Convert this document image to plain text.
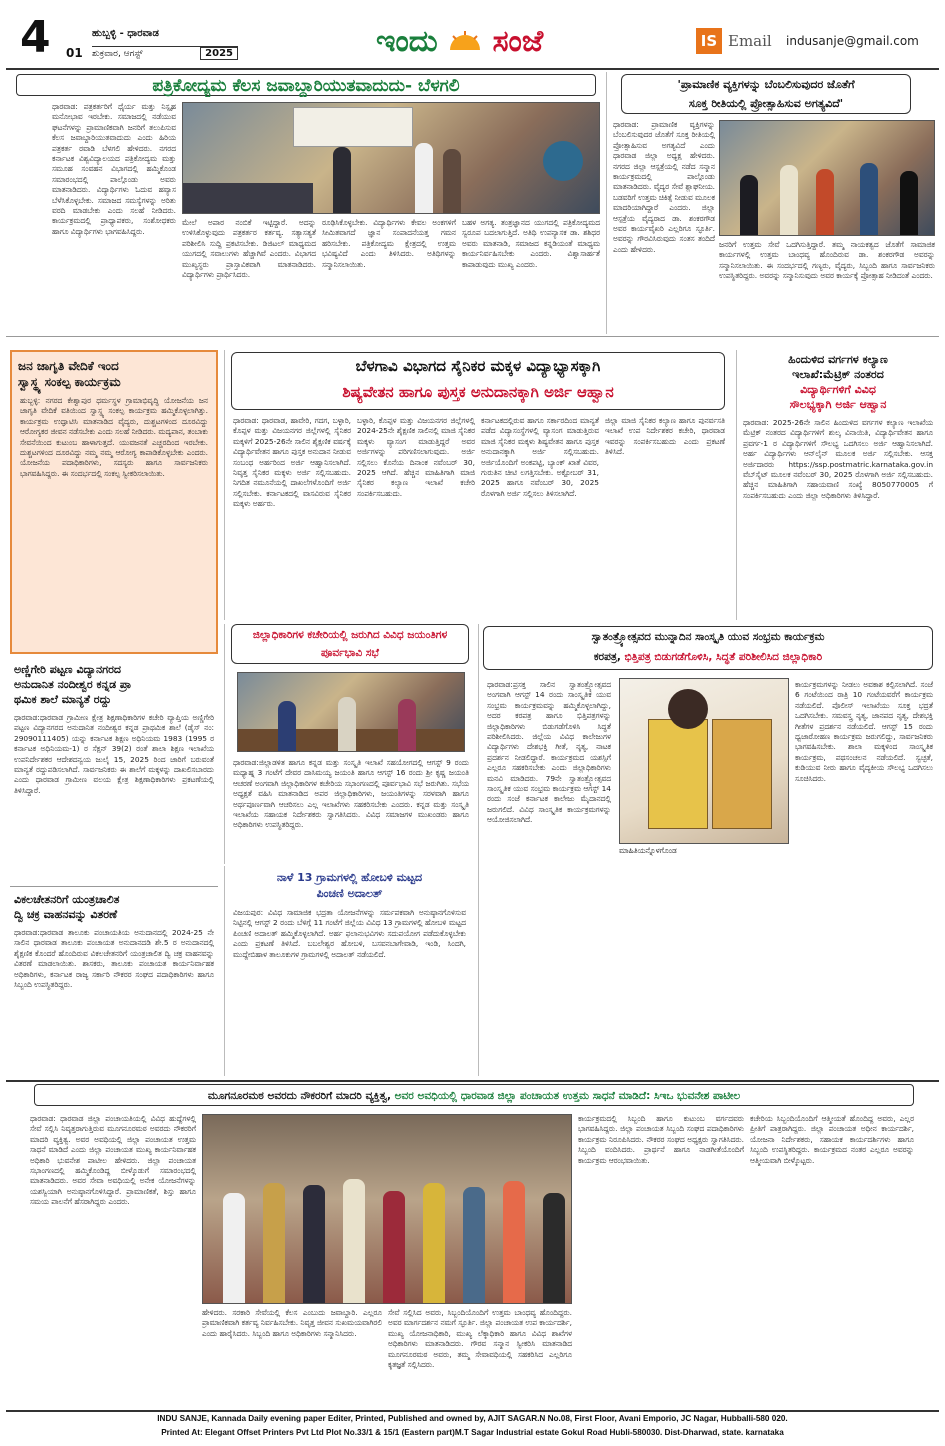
4 01
ಹುಬ್ಬಳ್ಳಿ - ಧಾರವಾಡ
ಶುಕ್ರವಾರ, ಆಗಸ್ಟ್	2025	ಇಂದು ಸಂಜೆ	IS Email indusanje@gmail.com
ಪತ್ರಿಕೋದ್ಯಮ ಕೆಲಸ ಜವಾಬ್ದಾರಿಯುತವಾದುದು- ಬೆಳಗಲಿ
ಧಾರವಾಡ: ಪತ್ರಕರ್ತರಿಗೆ ಧೈರ್ಯ ಮತ್ತು ನಿಸ್ಪೃಹ ಮನೋಭಾವ ಇರಬೇಕು. ಸಮಾಜದಲ್ಲಿ ನಡೆಯುವ ಘಟನೆಗಳನ್ನು ಪ್ರಾಮಾಣಿಕವಾಗಿ ಜನರಿಗೆ ತಲುಪಿಸುವ ಕೆಲಸ ಜವಾಬ್ದಾರಿಯುತವಾದುದು ಎಂದು ಹಿರಿಯ ಪತ್ರಕರ್ತ ರವಾಡಿ ಬೆಳಗಲಿ ಹೇಳಿದರು. ನಗರದ ಕರ್ನಾಟಕ ವಿಶ್ವವಿದ್ಯಾಲಯದ ಪತ್ರಿಕೋದ್ಯಮ ಮತ್ತು ಸಮೂಹ ಸಂವಹನ ವಿಭಾಗದಲ್ಲಿ ಹಮ್ಮಿಕೊಂಡ ಸಮಾರಂಭದಲ್ಲಿ ಪಾಲ್ಗೊಂಡು ಅವರು ಮಾತನಾಡಿದರು. ವಿದ್ಯಾರ್ಥಿಗಳು ಓದುವ ಹವ್ಯಾಸ ಬೆಳೆಸಿಕೊಳ್ಳಬೇಕು. ಸಮಾಜದ ಸಮಸ್ಯೆಗಳನ್ನು ಅರಿತು ವರದಿ ಮಾಡಬೇಕು ಎಂದು ಸಲಹೆ ನೀಡಿದರು. ಕಾರ್ಯಕ್ರಮದಲ್ಲಿ ಪ್ರಾಧ್ಯಾಪಕರು, ಸಂಶೋಧಕರು ಹಾಗೂ ವಿದ್ಯಾರ್ಥಿಗಳು ಭಾಗವಹಿಸಿದ್ದರು.
ಮೇಲೆ ಅಪಾರ ನಂಬಿಕೆ ಇಟ್ಟಿದ್ದಾರೆ. ಅದನ್ನು ಉಳಿಸಿಕೊಳ್ಳುವುದು ಪತ್ರಕರ್ತರ ಕರ್ತವ್ಯ. ಸತ್ಯಾಸತ್ಯತೆ ಪರಿಶೀಲಿಸಿ ಸುದ್ದಿ ಪ್ರಕಟಿಸಬೇಕು. ಡಿಜಿಟಲ್ ಮಾಧ್ಯಮದ ಯುಗದಲ್ಲಿ ಸವಾಲುಗಳು ಹೆಚ್ಚಾಗಿವೆ ಎಂದರು. ವಿಭಾಗದ ಮುಖ್ಯಸ್ಥರು ಪ್ರಾಸ್ತಾವಿಕವಾಗಿ ಮಾತನಾಡಿದರು. ವಿದ್ಯಾರ್ಥಿಗಳು ಪ್ರಾರ್ಥಿಸಿದರು.
ರೂಢಿಸಿಕೊಳ್ಳಬೇಕು. ವಿದ್ಯಾರ್ಥಿಗಳು ಕೇವಲ ಅಂಕಗಳಿಗೆ ಸೀಮಿತವಾಗದೆ ಜ್ಞಾನ ಸಂಪಾದನೆಯತ್ತ ಗಮನ ಹರಿಸಬೇಕು. ಪತ್ರಿಕೋದ್ಯಮ ಕ್ಷೇತ್ರದಲ್ಲಿ ಉತ್ತಮ ಭವಿಷ್ಯವಿದೆ ಎಂದು ತಿಳಿಸಿದರು. ಅತಿಥಿಗಳನ್ನು ಸನ್ಮಾನಿಸಲಾಯಿತು.
ಬಹಳ ಅಗತ್ಯ. ತಂತ್ರಜ್ಞಾನದ ಯುಗದಲ್ಲಿ ಪತ್ರಿಕೋದ್ಯಮದ ಸ್ವರೂಪ ಬದಲಾಗುತ್ತಿದೆ. ಅತಿಥಿ ಉಪನ್ಯಾಸಕ ಡಾ. ಶಶಿಧರ ಅವರು ಮಾತನಾಡಿ, ಸಮಾಜದ ಕನ್ನಡಿಯಂತೆ ಮಾಧ್ಯಮ ಕಾರ್ಯನಿರ್ವಹಿಸಬೇಕು ಎಂದರು. ವಿಶ್ವಾಸಾರ್ಹತೆ ಕಾಪಾಡುವುದು ಮುಖ್ಯ ಎಂದರು.
'ಪ್ರಾಮಾಣಿಕ ವ್ಯಕ್ತಿಗಳನ್ನು ಬೆಂಬಲಿಸುವುದರ ಜೊತೆಗೆ
ಸೂಕ್ತ ರೀತಿಯಲ್ಲಿ ಪ್ರೋತ್ಸಾಹಿಸುವ ಅಗತ್ಯವಿದೆ'
ಧಾರವಾಡ: ಪ್ರಾಮಾಣಿಕ ವ್ಯಕ್ತಿಗಳನ್ನು ಬೆಂಬಲಿಸುವುದರ ಜೊತೆಗೆ ಸೂಕ್ತ ರೀತಿಯಲ್ಲಿ ಪ್ರೋತ್ಸಾಹಿಸುವ ಅಗತ್ಯವಿದೆ ಎಂದು ಧಾರವಾಡ ಜಿಲ್ಲಾ ಅಧ್ಯಕ್ಷ ಹೇಳಿದರು. ನಗರದ ಜಿಲ್ಲಾ ಆಸ್ಪತ್ರೆಯಲ್ಲಿ ನಡೆದ ಸನ್ಮಾನ ಕಾರ್ಯಕ್ರಮದಲ್ಲಿ ಪಾಲ್ಗೊಂಡು ಮಾತನಾಡಿದರು. ವೈದ್ಯರ ಸೇವೆ ಶ್ಲಾಘನೀಯ. ಬಡವರಿಗೆ ಉತ್ತಮ ಚಿಕಿತ್ಸೆ ನೀಡುವ ಮೂಲಕ ಮಾದರಿಯಾಗಿದ್ದಾರೆ ಎಂದರು. ಜಿಲ್ಲಾ ಆಸ್ಪತ್ರೆಯ ವೈದ್ಯರಾದ ಡಾ. ಶಂಕರಗೌಡ ಅವರ ಕಾರ್ಯವೈಖರಿ ಎಲ್ಲರಿಗೂ ಸ್ಫೂರ್ತಿ. ಅವರನ್ನು ಗೌರವಿಸಿರುವುದು ಸಂತಸ ತಂದಿದೆ ಎಂದು ಹೇಳಿದರು.
ಜನರಿಗೆ ಉತ್ತಮ ಸೇವೆ ಒದಗಿಸುತ್ತಿದ್ದಾರೆ. ತಮ್ಮ ನಾಯಕತ್ವದ ಜೊತೆಗೆ ಸಾಮಾಜಿಕ ಕಾರ್ಯಗಳಲ್ಲಿ ಉತ್ತಮ ಬಾಂಧವ್ಯ ಹೊಂದಿರುವ ಡಾ. ಶಂಕರಗೌಡ ಅವರನ್ನು ಸನ್ಮಾನಿಸಲಾಯಿತು. ಈ ಸಂದರ್ಭದಲ್ಲಿ ಗಣ್ಯರು, ವೈದ್ಯರು, ಸಿಬ್ಬಂದಿ ಹಾಗೂ ಸಾರ್ವಜನಿಕರು ಉಪಸ್ಥಿತರಿದ್ದರು. ಅವರನ್ನು ಸನ್ಮಾನಿಸುವುದು ಅವರ ಕಾರ್ಯಕ್ಕೆ ಪ್ರೋತ್ಸಾಹ ನೀಡಿದಂತೆ ಎಂದರು.
ಜನ ಜಾಗೃತಿ ವೇದಿಕೆ ಇಂದ
ಸ್ವಾಸ್ಥ್ಯ ಸಂಕಲ್ಪ ಕಾರ್ಯಕ್ರಮ
ಹುಬ್ಬಳ್ಳಿ: ನಗರದ ಕೇಶ್ವಾಪುರ ಧರ್ಮಸ್ಥಳ ಗ್ರಾಮಾಭಿವೃದ್ಧಿ ಯೋಜನೆಯ ಜನ ಜಾಗೃತಿ ವೇದಿಕೆ ವತಿಯಿಂದ ಸ್ವಾಸ್ಥ್ಯ ಸಂಕಲ್ಪ ಕಾರ್ಯಕ್ರಮ ಹಮ್ಮಿಕೊಳ್ಳಲಾಗಿತ್ತು. ಕಾರ್ಯಕ್ರಮ ಉದ್ಘಾಟಿಸಿ ಮಾತನಾಡಿದ ವೈದ್ಯರು, ದುಶ್ಚಟಗಳಿಂದ ದೂರವಿದ್ದು ಆರೋಗ್ಯಕರ ಜೀವನ ನಡೆಸಬೇಕು ಎಂದು ಸಲಹೆ ನೀಡಿದರು. ಮದ್ಯಪಾನ, ತಂಬಾಕು ಸೇವನೆಯಿಂದ ಕುಟುಂಬ ಹಾಳಾಗುತ್ತದೆ. ಯುವಜನತೆ ಎಚ್ಚರದಿಂದ ಇರಬೇಕು. ದುಶ್ಚಟಗಳಿಂದ ದೂರವಿದ್ದು ನಮ್ಮ ನಮ್ಮ ಆರೋಗ್ಯ ಕಾಪಾಡಿಕೊಳ್ಳಬೇಕು ಎಂದರು. ಯೋಜನೆಯ ಪದಾಧಿಕಾರಿಗಳು, ಸದಸ್ಯರು ಹಾಗೂ ಸಾರ್ವಜನಿಕರು ಭಾಗವಹಿಸಿದ್ದರು. ಈ ಸಂದರ್ಭದಲ್ಲಿ ಸಂಕಲ್ಪ ಸ್ವೀಕರಿಸಲಾಯಿತು.
ಬೆಳಗಾವಿ ವಿಭಾಗದ ಸೈನಿಕರ ಮಕ್ಕಳ ವಿದ್ಯಾಭ್ಯಾಸಕ್ಕಾಗಿ
ಶಿಷ್ಯವೇತನ ಹಾಗೂ ಪುಸ್ತಕ ಅನುದಾನಕ್ಕಾಗಿ ಅರ್ಜಿ ಆಹ್ವಾನ
ಧಾರವಾಡ: ಧಾರವಾಡ, ಹಾವೇರಿ, ಗದಗ, ಬಳ್ಳಾರಿ, ಕೊಪ್ಪಳ ಮತ್ತು ವಿಜಯನಗರ ಜಿಲ್ಲೆಗಳಲ್ಲಿ ಸೈನಿಕರ ಮಕ್ಕಳಿಗೆ 2025-26ನೇ ಸಾಲಿನ ಶೈಕ್ಷಣಿಕ ವರ್ಷಕ್ಕೆ ವಿದ್ಯಾರ್ಥಿವೇತನ ಹಾಗೂ ಪುಸ್ತಕ ಅನುದಾನ ನೀಡುವ ಸಂಬಂಧ ಅರ್ಹರಿಂದ ಅರ್ಜಿ ಆಹ್ವಾನಿಸಲಾಗಿದೆ. ನಿವೃತ್ತ ಸೈನಿಕರ ಮಕ್ಕಳು ಅರ್ಜಿ ಸಲ್ಲಿಸಬಹುದು. ನಿಗದಿತ ನಮೂನೆಯಲ್ಲಿ ದಾಖಲೆಗಳೊಂದಿಗೆ ಅರ್ಜಿ ಸಲ್ಲಿಸಬೇಕು. ಕರ್ನಾಟಕದಲ್ಲಿ ವಾಸವಿರುವ ಸೈನಿಕರ ಮಕ್ಕಳು ಅರ್ಹರು.
ಬಳ್ಳಾರಿ, ಕೊಪ್ಪಳ ಮತ್ತು ವಿಜಯನಗರ ಜಿಲ್ಲೆಗಳಲ್ಲಿ 2024-25ನೇ ಶೈಕ್ಷಣಿಕ ಸಾಲಿನಲ್ಲಿ ಮಾಜಿ ಸೈನಿಕರ ಮಕ್ಕಳು ವ್ಯಾಸಂಗ ಮಾಡುತ್ತಿದ್ದರೆ ಅವರ ಅರ್ಜಿಗಳನ್ನು ಪರಿಗಣಿಸಲಾಗುವುದು. ಅರ್ಜಿ ಸಲ್ಲಿಸಲು ಕೊನೆಯ ದಿನಾಂಕ ನವೆಂಬರ್ 30, 2025 ಆಗಿದೆ. ಹೆಚ್ಚಿನ ಮಾಹಿತಿಗಾಗಿ ಮಾಜಿ ಸೈನಿಕರ ಕಲ್ಯಾಣ ಇಲಾಖೆ ಕಚೇರಿ ಸಂಪರ್ಕಿಸಬಹುದು.
ಕರ್ನಾಟಕದಲ್ಲಿರುವ ಹಾಗೂ ಸರ್ಕಾರದಿಂದ ಮಾನ್ಯತೆ ಪಡೆದ ವಿದ್ಯಾಸಂಸ್ಥೆಗಳಲ್ಲಿ ವ್ಯಾಸಂಗ ಮಾಡುತ್ತಿರುವ ಮಾಜಿ ಸೈನಿಕರ ಮಕ್ಕಳು ಶಿಷ್ಯವೇತನ ಹಾಗೂ ಪುಸ್ತಕ ಅನುದಾನಕ್ಕಾಗಿ ಅರ್ಜಿ ಸಲ್ಲಿಸಬಹುದು. ಅರ್ಜಿಯೊಂದಿಗೆ ಅಂಕಪಟ್ಟಿ, ಬ್ಯಾಂಕ್ ಖಾತೆ ವಿವರ, ಗುರುತಿನ ಚೀಟಿ ಲಗತ್ತಿಸಬೇಕು. ಅಕ್ಟೋಬರ್ 31, 2025 ಹಾಗೂ ನವೆಂಬರ್ 30, 2025 ರೊಳಗಾಗಿ ಅರ್ಜಿ ಸಲ್ಲಿಸಲು ತಿಳಿಸಲಾಗಿದೆ.
ಜಿಲ್ಲಾ ಮಾಜಿ ಸೈನಿಕರ ಕಲ್ಯಾಣ ಹಾಗೂ ಪುನರ್ವಸತಿ ಇಲಾಖೆ ಉಪ ನಿರ್ದೇಶಕರ ಕಚೇರಿ, ಧಾರವಾಡ ಇವರನ್ನು ಸಂಪರ್ಕಿಸಬಹುದು ಎಂದು ಪ್ರಕಟಣೆ ತಿಳಿಸಿದೆ.
ಹಿಂದುಳಿದ ವರ್ಗಗಳ ಕಲ್ಯಾಣ
ಇಲಾಖೆ:ಮೆಟ್ರಿಕ್ ನಂತರದ
ವಿದ್ಯಾರ್ಥಿಗಳಿಗೆ ವಿವಿಧ
ಸೌಲಭ್ಯಕ್ಕಾಗಿ ಅರ್ಜಿ ಆಹ್ವಾನ
ಧಾರವಾಡ: 2025-26ನೇ ಸಾಲಿನ ಹಿಂದುಳಿದ ವರ್ಗಗಳ ಕಲ್ಯಾಣ ಇಲಾಖೆಯ ಮೆಟ್ರಿಕ್ ನಂತರದ ವಿದ್ಯಾರ್ಥಿಗಳಿಗೆ ಶುಲ್ಕ ವಿನಾಯಿತಿ, ವಿದ್ಯಾರ್ಥಿವೇತನ ಹಾಗೂ ಪ್ರವರ್ಗ-1 ರ ವಿದ್ಯಾರ್ಥಿಗಳಿಗೆ ಸೌಲಭ್ಯ ಒದಗಿಸಲು ಅರ್ಜಿ ಆಹ್ವಾನಿಸಲಾಗಿದೆ. ಅರ್ಹ ವಿದ್ಯಾರ್ಥಿಗಳು ಆನ್‌ಲೈನ್ ಮೂಲಕ ಅರ್ಜಿ ಸಲ್ಲಿಸಬೇಕು. ಆಸಕ್ತ ಅರ್ಜಿದಾರರು https://ssp.postmatric.karnataka.gov.in ವೆಬ್‌ಸೈಟ್ ಮೂಲಕ ನವೆಂಬರ್ 30, 2025 ರೊಳಗಾಗಿ ಅರ್ಜಿ ಸಲ್ಲಿಸಬಹುದು. ಹೆಚ್ಚಿನ ಮಾಹಿತಿಗಾಗಿ ಸಹಾಯವಾಣಿ ಸಂಖ್ಯೆ 8050770005 ಗೆ ಸಂಪರ್ಕಿಸಬಹುದು ಎಂದು ಜಿಲ್ಲಾ ಅಧಿಕಾರಿಗಳು ತಿಳಿಸಿದ್ದಾರೆ.
ಜಿಲ್ಲಾಧಿಕಾರಿಗಳ ಕಚೇರಿಯಲ್ಲಿ ಜರುಗಿದ ವಿವಿಧ ಜಯಂತಿಗಳ ಪೂರ್ವಭಾವಿ ಸಭೆ
ಧಾರವಾಡ:ಜಿಲ್ಲಾಡಳಿತ ಹಾಗೂ ಕನ್ನಡ ಮತ್ತು ಸಂಸ್ಕೃತಿ ಇಲಾಖೆ ಸಹಯೋಗದಲ್ಲಿ ಆಗಸ್ಟ್ 9 ರಂದು ಮಧ್ಯಾಹ್ನ 3 ಗಂಟೆಗೆ ದೇವರ ದಾಸಿಮಯ್ಯ ಜಯಂತಿ ಹಾಗೂ ಆಗಸ್ಟ್ 16 ರಂದು ಶ್ರೀ ಕೃಷ್ಣ ಜಯಂತಿ ಆಚರಣೆ ಅಂಗವಾಗಿ ಜಿಲ್ಲಾಧಿಕಾರಿಗಳ ಕಚೇರಿಯ ಸಭಾಂಗಣದಲ್ಲಿ ಪೂರ್ವಭಾವಿ ಸಭೆ ಜರುಗಿತು. ಸಭೆಯ ಅಧ್ಯಕ್ಷತೆ ವಹಿಸಿ ಮಾತನಾಡಿದ ಅಪರ ಜಿಲ್ಲಾಧಿಕಾರಿಗಳು, ಜಯಂತಿಗಳನ್ನು ಸರಳವಾಗಿ ಹಾಗೂ ಅರ್ಥಪೂರ್ಣವಾಗಿ ಆಚರಿಸಲು ಎಲ್ಲ ಇಲಾಖೆಗಳು ಸಹಕರಿಸಬೇಕು ಎಂದರು. ಕನ್ನಡ ಮತ್ತು ಸಂಸ್ಕೃತಿ ಇಲಾಖೆಯ ಸಹಾಯಕ ನಿರ್ದೇಶಕರು ಸ್ವಾಗತಿಸಿದರು. ವಿವಿಧ ಸಮಾಜಗಳ ಮುಖಂಡರು ಹಾಗೂ ಅಧಿಕಾರಿಗಳು ಉಪಸ್ಥಿತರಿದ್ದರು.
ನಾಳೆ 13 ಗ್ರಾಮಗಳಲ್ಲಿ ಹೋಬಳಿ ಮಟ್ಟದ
ಪಿಂಚಣಿ ಅದಾಲತ್
ವಿಜಯಪುರ: ವಿವಿಧ ಸಾಮಾಜಿಕ ಭದ್ರತಾ ಯೋಜನೆಗಳನ್ನು ಸರ್ಮಪಕವಾಗಿ ಅನುಷ್ಠಾನಗೊಳಿಸುವ ನಿಟ್ಟಿನಲ್ಲಿ ಆಗಸ್ಟ್ 2 ರಂದು ಬೆಳಿಗ್ಗೆ 11 ಗಂಟೆಗೆ ಜಿಲ್ಲೆಯ ವಿವಿಧ 13 ಗ್ರಾಮಗಳಲ್ಲಿ ಹೋಬಳಿ ಮಟ್ಟದ ಪಿಂಚಣಿ ಅದಾಲತ್ ಹಮ್ಮಿಕೊಳ್ಳಲಾಗಿದೆ. ಅರ್ಹ ಫಲಾನುಭವಿಗಳು ಸದುಪಯೋಗ ಪಡೆದುಕೊಳ್ಳಬೇಕು ಎಂದು ಪ್ರಕಟಣೆ ತಿಳಿಸಿದೆ. ಬಬಲೇಶ್ವರ ಹೋಬಳಿ, ಬಸವನಬಾಗೇವಾಡಿ, ಇಂಡಿ, ಸಿಂದಗಿ, ಮುದ್ದೇಬಿಹಾಳ ತಾಲೂಕುಗಳ ಗ್ರಾಮಗಳಲ್ಲಿ ಅದಾಲತ್ ನಡೆಯಲಿದೆ.
ಅಣ್ಣಿಗೇರಿ ಪಟ್ಟಣ ವಿದ್ಯಾನಗರದ
ಅನುದಾನಿತ ನಂದೀಶ್ವರ ಕನ್ನಡ ಪ್ರಾ
ಥಮಿಕ ಶಾಲೆ ಮಾನ್ಯತೆ ರದ್ದು
ಧಾರವಾಡ:ಧಾರವಾಡ ಗ್ರಾಮೀಣ ಕ್ಷೇತ್ರ ಶಿಕ್ಷಣಾಧಿಕಾರಿಗಳ ಕಚೇರಿ ವ್ಯಾಪ್ತಿಯ ಅಣ್ಣಿಗೇರಿ ಪಟ್ಟಣ ವಿದ್ಯಾನಗರದ ಅನುದಾನಿತ ನಂದೀಶ್ವರ ಕನ್ನಡ ಪ್ರಾಥಮಿಕ ಶಾಲೆ (ಡೈಸ್ ನಂ: 29090111405) ಯನ್ನು ಕರ್ನಾಟಕ ಶಿಕ್ಷಣ ಅಧಿನಿಯಮ 1983 (1995 ರ ಕರ್ನಾಟಕ ಅಧಿನಿಯಮ-1) ರ ಸೆಕ್ಷನ್ 39(2) ರಂತೆ ಶಾಲಾ ಶಿಕ್ಷಣ ಇಲಾಖೆಯ ಉಪನಿರ್ದೇಶಕರ ಆದೇಶದನ್ವಯ ಜುಲೈ 15, 2025 ರಿಂದ ಜಾರಿಗೆ ಬರುವಂತೆ ಮಾನ್ಯತೆ ರದ್ದುಪಡಿಸಲಾಗಿದೆ. ಸಾರ್ವಜನಿಕರು ಈ ಶಾಲೆಗೆ ಮಕ್ಕಳನ್ನು ದಾಖಲಿಸಬಾರದು ಎಂದು ಧಾರವಾಡ ಗ್ರಾಮೀಣ ವಲಯ ಕ್ಷೇತ್ರ ಶಿಕ್ಷಣಾಧಿಕಾರಿಗಳು ಪ್ರಕಟಣೆಯಲ್ಲಿ ತಿಳಿಸಿದ್ದಾರೆ.
ವಿಕಲಚೇತನರಿಗೆ ಯಂತ್ರಚಾಲಿತ
ದ್ವಿ ಚಕ್ರ ವಾಹನವನ್ನು ವಿತರಣೆ
ಧಾರವಾಡ:ಧಾರವಾಡ ತಾಲೂಕು ಪಂಚಾಯತಿಯ ಅನುದಾನದಲ್ಲಿ 2024-25 ನೇ ಸಾಲಿನ ಧಾರವಾಡ ತಾಲೂಕು ಪಂಚಾಯತ ಅನುದಾನದಡಿ ಶೇ.5 ರ ಅನುದಾನದಲ್ಲಿ ಶೈಕ್ಷಣಿಕ ಕೊಂದರೆ ಹೊಂದಿರುವ ವಿಕಲಚೇತನರಿಗೆ ಯಂತ್ರಚಾಲಿತ ದ್ವಿ ಚಕ್ರ ವಾಹನವನ್ನು ವಿತರಣೆ ಮಾಡಲಾಯಿತು. ಶಾಸಕರು, ತಾಲೂಕು ಪಂಚಾಯತ ಕಾರ್ಯನಿರ್ವಾಹಕ ಅಧಿಕಾರಿಗಳು, ಕರ್ನಾಟಕ ರಾಜ್ಯ ಸರ್ಕಾರಿ ನೌಕರರ ಸಂಘದ ಪದಾಧಿಕಾರಿಗಳು ಹಾಗೂ ಸಿಬ್ಬಂದಿ ಉಪಸ್ಥಿತರಿದ್ದರು.
ಸ್ವಾತಂತ್ರ್ಯೋತ್ಸವದ ಮುನ್ನಾದಿನ ಸಾಂಸ್ಕೃತಿ ಯುವ ಸಂಭ್ರಮ ಕಾರ್ಯಕ್ರಮ
ಕರಪತ್ರ, ಭಿತ್ತಿಪತ್ರ ಬಿಡುಗಡೆಗೊಳಿಸಿ, ಸಿದ್ಧತೆ ಪರಿಶೀಲಿಸಿದ ಜಿಲ್ಲಾಧಿಕಾರಿ
ಧಾರವಾಡ:ಪ್ರಸಕ್ತ ಸಾಲಿನ ಸ್ವಾತಂತ್ರ್ಯೋತ್ಸವದ ಅಂಗವಾಗಿ ಆಗಸ್ಟ್ 14 ರಂದು ಸಾಂಸ್ಕೃತಿಕ ಯುವ ಸಂಭ್ರಮ ಕಾರ್ಯಕ್ರಮವನ್ನು ಹಮ್ಮಿಕೊಳ್ಳಲಾಗಿದ್ದು, ಅದರ ಕರಪತ್ರ ಹಾಗೂ ಭಿತ್ತಿಪತ್ರಗಳನ್ನು ಜಿಲ್ಲಾಧಿಕಾರಿಗಳು ಬಿಡುಗಡೆಗೊಳಿಸಿ ಸಿದ್ಧತೆ ಪರಿಶೀಲಿಸಿದರು. ಜಿಲ್ಲೆಯ ವಿವಿಧ ಕಾಲೇಜುಗಳ ವಿದ್ಯಾರ್ಥಿಗಳು ದೇಶಭಕ್ತಿ ಗೀತೆ, ನೃತ್ಯ, ನಾಟಕ ಪ್ರದರ್ಶನ ನೀಡಲಿದ್ದಾರೆ. ಕಾರ್ಯಕ್ರಮದ ಯಶಸ್ಸಿಗೆ ಎಲ್ಲರೂ ಸಹಕರಿಸಬೇಕು ಎಂದು ಜಿಲ್ಲಾಧಿಕಾರಿಗಳು ಮನವಿ ಮಾಡಿದರು. 79ನೇ ಸ್ವಾತಂತ್ರ್ಯೋತ್ಸವದ ಸಾಂಸ್ಕೃತಿಕ ಯುವ ಸಂಭ್ರಮ ಕಾರ್ಯಕ್ರಮ ಆಗಸ್ಟ್ 14 ರಂದು ಸಂಜೆ ಕರ್ನಾಟಕ ಕಾಲೇಜು ಮೈದಾನದಲ್ಲಿ ಜರುಗಲಿದೆ. ವಿವಿಧ ಸಾಂಸ್ಕೃತಿಕ ಕಾರ್ಯಕ್ರಮಗಳನ್ನು ಆಯೋಜಿಸಲಾಗಿದೆ.
ಮಾಹಿತಿಯನ್ನೊಳಗೊಂಡ
ಕಾರ್ಯಕ್ರಮಗಳನ್ನು ನೀಡಲು ಅವಕಾಶ ಕಲ್ಪಿಸಲಾಗಿದೆ. ಸಂಜೆ 6 ಗಂಟೆಯಿಂದ ರಾತ್ರಿ 10 ಗಂಟೆಯವರೆಗೆ ಕಾರ್ಯಕ್ರಮ ನಡೆಯಲಿದೆ. ಪೊಲೀಸ್ ಇಲಾಖೆಯು ಸೂಕ್ತ ಭದ್ರತೆ ಒದಗಿಸಬೇಕು. ಸಮವಸ್ತ್ರ ನೃತ್ಯ, ಜಾನಪದ ನೃತ್ಯ, ದೇಶಭಕ್ತಿ ಗೀತೆಗಳ ಪ್ರದರ್ಶನ ನಡೆಯಲಿದೆ. ಆಗಸ್ಟ್ 15 ರಂದು ಧ್ವಜಾರೋಹಣ ಕಾರ್ಯಕ್ರಮ ಜರುಗಲಿದ್ದು, ಸಾರ್ವಜನಿಕರು ಭಾಗವಹಿಸಬೇಕು. ಶಾಲಾ ಮಕ್ಕಳಿಂದ ಸಾಂಸ್ಕೃತಿಕ ಕಾರ್ಯಕ್ರಮ, ಪಥಸಂಚಲನ ನಡೆಯಲಿದೆ. ಸ್ವಚ್ಛತೆ, ಕುಡಿಯುವ ನೀರು ಹಾಗೂ ವೈದ್ಯಕೀಯ ಸೌಲಭ್ಯ ಒದಗಿಸಲು ಸೂಚಿಸಿದರು.
ಮೂಗನೂರಮಠ ಅವರದು ನೌಕರರಿಗೆ ಮಾದರಿ ವ್ಯಕ್ತಿತ್ವ, ಅವರ ಅವಧಿಯಲ್ಲಿ ಧಾರವಾಡ ಜಿಲ್ಲಾ ಪಂಚಾಯತ ಉತ್ತಮ ಸಾಧನೆ ಮಾಡಿದೆ: ಸಿಇಒ ಭುವನೇಶ ಪಾಟೀಲ
ಧಾರವಾಡ: ಧಾರವಾಡ ಜಿಲ್ಲಾ ಪಂಚಾಯತಿಯಲ್ಲಿ ವಿವಿಧ ಹುದ್ದೆಗಳಲ್ಲಿ ಸೇವೆ ಸಲ್ಲಿಸಿ ನಿವೃತ್ತರಾಗುತ್ತಿರುವ ಮೂಗನೂರಮಠ ಅವರದು ನೌಕರರಿಗೆ ಮಾದರಿ ವ್ಯಕ್ತಿತ್ವ. ಅವರ ಅವಧಿಯಲ್ಲಿ ಜಿಲ್ಲಾ ಪಂಚಾಯತ ಉತ್ತಮ ಸಾಧನೆ ಮಾಡಿದೆ ಎಂದು ಜಿಲ್ಲಾ ಪಂಚಾಯತ ಮುಖ್ಯ ಕಾರ್ಯನಿರ್ವಾಹಕ ಅಧಿಕಾರಿ ಭುವನೇಶ ಪಾಟೀಲ ಹೇಳಿದರು. ಜಿಲ್ಲಾ ಪಂಚಾಯತ ಸಭಾಂಗಣದಲ್ಲಿ ಹಮ್ಮಿಕೊಂಡಿದ್ದ ಬೀಳ್ಕೊಡುಗೆ ಸಮಾರಂಭದಲ್ಲಿ ಮಾತನಾಡಿದರು. ಅವರ ಸೇವಾ ಅವಧಿಯಲ್ಲಿ ಅನೇಕ ಯೋಜನೆಗಳನ್ನು ಯಶಸ್ವಿಯಾಗಿ ಅನುಷ್ಠಾನಗೊಳಿಸಿದ್ದಾರೆ. ಪ್ರಾಮಾಣಿಕತೆ, ಶಿಸ್ತು ಹಾಗೂ ಸಮಯ ಪಾಲನೆಗೆ ಹೆಸರಾಗಿದ್ದರು ಎಂದರು.
ಹೇಳಿದರು. ಸರಕಾರಿ ಸೇವೆಯಲ್ಲಿ ಕೆಲಸ ಎಂಬುದು ಜವಾಬ್ದಾರಿ. ಎಲ್ಲರೂ ಪ್ರಾಮಾಣಿಕವಾಗಿ ಕರ್ತವ್ಯ ನಿರ್ವಹಿಸಬೇಕು. ನಿವೃತ್ತ ಜೀವನ ಸುಖಮಯವಾಗಿರಲಿ ಎಂದು ಹಾರೈಸಿದರು. ಸಿಬ್ಬಂದಿ ಹಾಗೂ ಅಧಿಕಾರಿಗಳು ಸನ್ಮಾನಿಸಿದರು.
ಸೇವೆ ಸಲ್ಲಿಸಿದ ಅವರು, ಸಿಬ್ಬಂದಿಯೊಂದಿಗೆ ಉತ್ತಮ ಬಾಂಧವ್ಯ ಹೊಂದಿದ್ದರು. ಅವರ ಮಾರ್ಗದರ್ಶನ ನಮಗೆ ಸ್ಫೂರ್ತಿ. ಜಿಲ್ಲಾ ಪಂಚಾಯತ ಉಪ ಕಾರ್ಯದರ್ಶಿ, ಮುಖ್ಯ ಯೋಜನಾಧಿಕಾರಿ, ಮುಖ್ಯ ಲೆಕ್ಕಾಧಿಕಾರಿ ಹಾಗೂ ವಿವಿಧ ಶಾಖೆಗಳ ಅಧಿಕಾರಿಗಳು ಮಾತನಾಡಿದರು. ಗೌರವ ಸನ್ಮಾನ ಸ್ವೀಕರಿಸಿ ಮಾತನಾಡಿದ ಮೂಗನೂರಮಠ ಅವರು, ತಮ್ಮ ಸೇವಾವಧಿಯಲ್ಲಿ ಸಹಕರಿಸಿದ ಎಲ್ಲರಿಗೂ ಕೃತಜ್ಞತೆ ಸಲ್ಲಿಸಿದರು.
ಕಾರ್ಯಕ್ರಮದಲ್ಲಿ ಸಿಬ್ಬಂದಿ ಹಾಗೂ ಕುಟುಂಬ ವರ್ಗದವರು ಭಾಗವಹಿಸಿದ್ದರು. ಜಿಲ್ಲಾ ಪಂಚಾಯತ ಸಿಬ್ಬಂದಿ ಸಂಘದ ಪದಾಧಿಕಾರಿಗಳು ಕಾರ್ಯಕ್ರಮ ನಿರೂಪಿಸಿದರು. ನೌಕರರ ಸಂಘದ ಅಧ್ಯಕ್ಷರು ಸ್ವಾಗತಿಸಿದರು. ಸಿಬ್ಬಂದಿ ವಂದಿಸಿದರು. ಪ್ರಾರ್ಥನೆ ಹಾಗೂ ನಾಡಗೀತೆಯೊಂದಿಗೆ ಕಾರ್ಯಕ್ರಮ ಆರಂಭವಾಯಿತು.
ಕಚೇರಿಯ ಸಿಬ್ಬಂದಿಯೊಂದಿಗೆ ಆತ್ಮೀಯತೆ ಹೊಂದಿದ್ದ ಅವರು, ಎಲ್ಲರ ಪ್ರೀತಿಗೆ ಪಾತ್ರರಾಗಿದ್ದರು. ಜಿಲ್ಲಾ ಪಂಚಾಯತ ಅಧೀನ ಕಾರ್ಯದರ್ಶಿ, ಯೋಜನಾ ನಿರ್ದೇಶಕರು, ಸಹಾಯಕ ಕಾರ್ಯದರ್ಶಿಗಳು ಹಾಗೂ ಸಿಬ್ಬಂದಿ ಉಪಸ್ಥಿತರಿದ್ದರು. ಕಾರ್ಯಕ್ರಮದ ನಂತರ ಎಲ್ಲರೂ ಅವರನ್ನು ಆತ್ಮೀಯವಾಗಿ ಬೀಳ್ಕೊಟ್ಟರು.
INDU SANJE, Kannada Daily evening paper Editer, Printed, Published and owned by, AJIT SAGAR.N No.08, First Floor, Avani Emporio, JC Nagar, Hubballi-580 020.
Printed At: Elegant Offset Printers Pvt Ltd Plot No.33/1 & 15/1 (Eastern part)M.T Sagar Industrial estate Gokul Road Hubli-580030. Dist-Dharwad, state. karnataka
